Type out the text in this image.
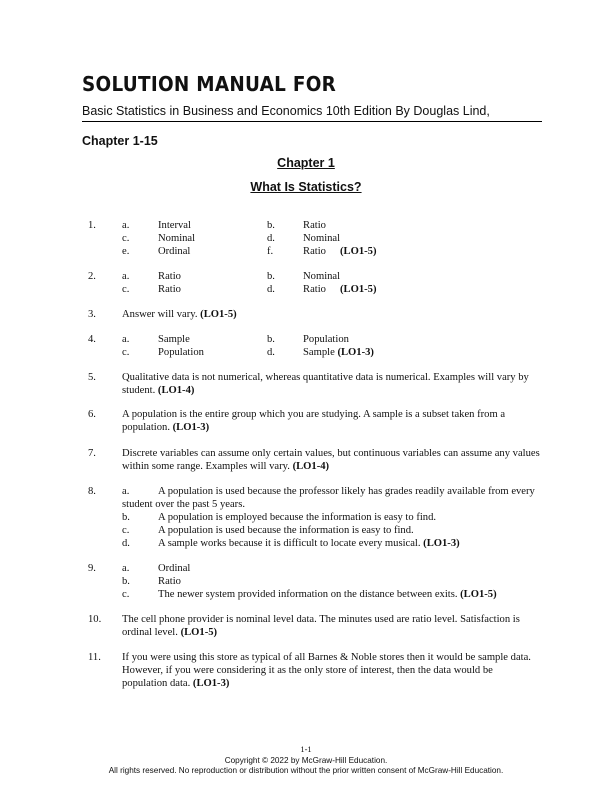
SOLUTION MANUAL FOR
Basic Statistics in Business and Economics 10th Edition By Douglas Lind,
Chapter 1-15
Chapter 1
What Is Statistics?
1. a.	Interval	b.	Ratio
c.	Nominal	d.	Nominal
e.	Ordinal	f.	Ratio (LO1-5)
2. a.	Ratio	b.	Nominal
c.	Ratio	d.	Ratio (LO1-5)
3. Answer will vary. (LO1-5)
4. a.	Sample	b.	Population
c.	Population	d.	Sample (LO1-3)
5. Qualitative data is not numerical, whereas quantitative data is numerical. Examples will vary by student. (LO1-4)
6. A population is the entire group which you are studying. A sample is a subset taken from a population. (LO1-3)
7. Discrete variables can assume only certain values, but continuous variables can assume any values within some range. Examples will vary. (LO1-4)
8. a.	A population is used because the professor likely has grades readily available from every student over the past 5 years.
b.	A population is employed because the information is easy to find.
c.	A population is used because the information is easy to find.
d.	A sample works because it is difficult to locate every musical. (LO1-3)
9. a.	Ordinal
b.	Ratio
c.	The newer system provided information on the distance between exits. (LO1-5)
10. The cell phone provider is nominal level data. The minutes used are ratio level. Satisfaction is ordinal level. (LO1-5)
11. If you were using this store as typical of all Barnes & Noble stores then it would be sample data. However, if you were considering it as the only store of interest, then the data would be population data. (LO1-3)
1-1
Copyright © 2022 by McGraw-Hill Education.
All rights reserved. No reproduction or distribution without the prior written consent of McGraw-Hill Education.
